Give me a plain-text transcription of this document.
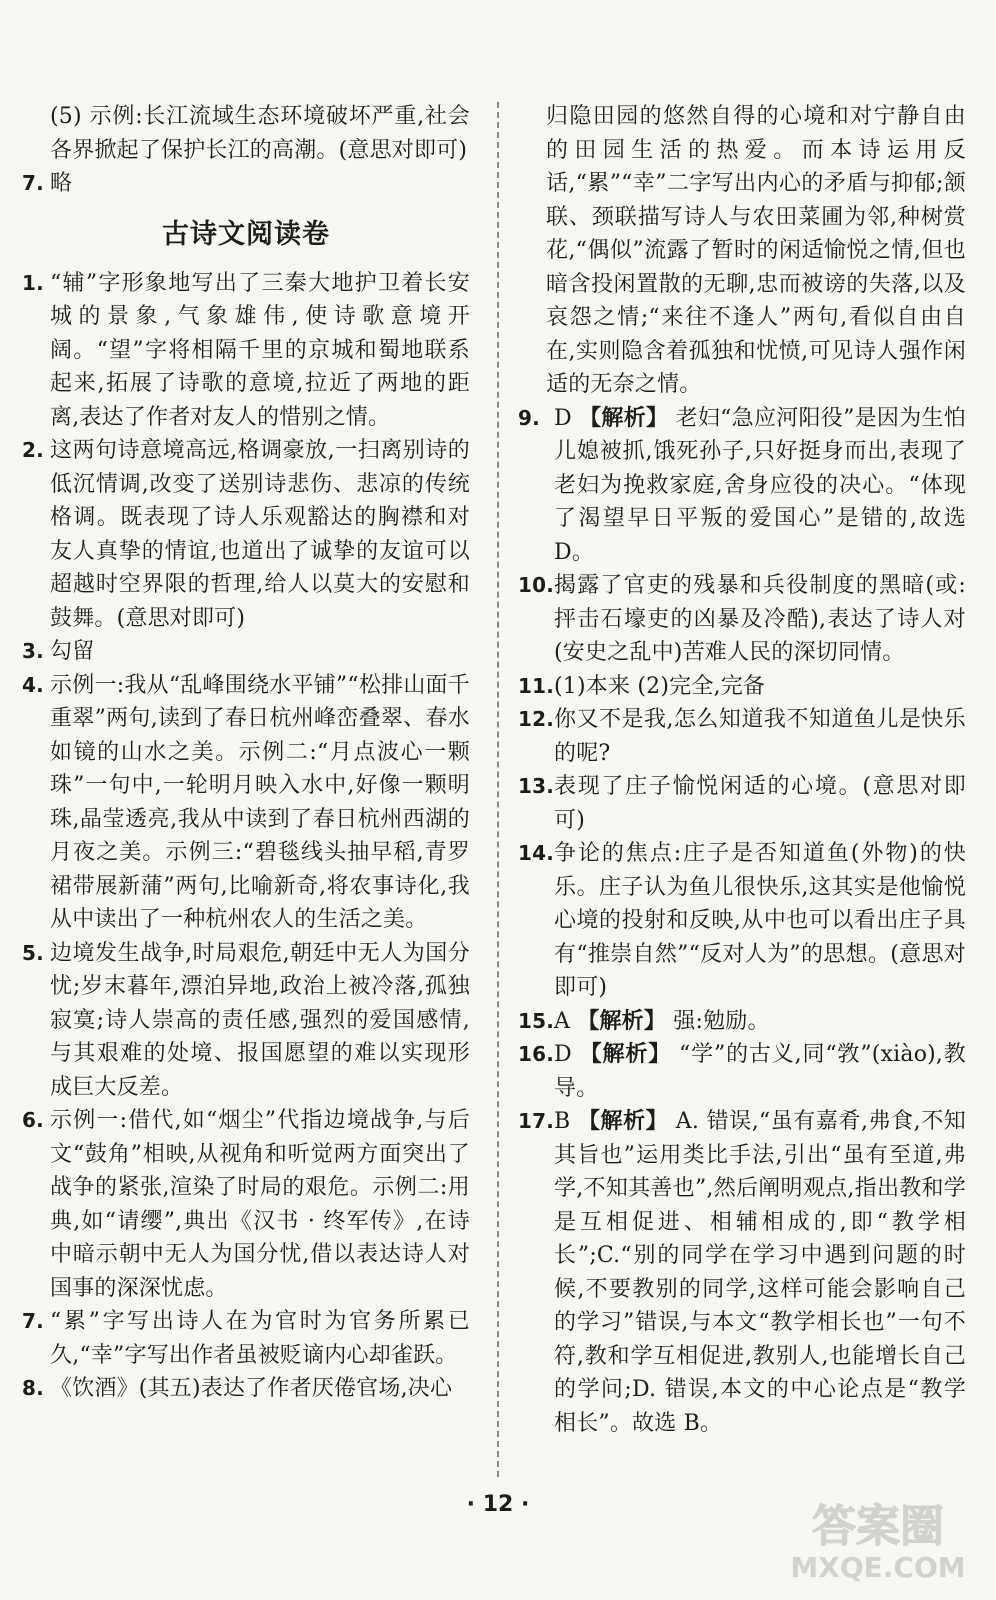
(5) 示例:长江流域生态环境破坏严重,社会各界掀起了保护长江的高潮。(意思对即可)

7. 略
古诗文阅读卷
1. “辅”字形象地写出了三秦大地护卫着长安城的景象,气象雄伟,使诗歌意境开阔。“望”字将相隔千里的京城和蜀地联系起来,拓展了诗歌的意境,拉近了两地的距离,表达了作者对友人的惜别之情。
2. 这两句诗意境高远,格调豪放,一扫离别诗的低沉情调,改变了送别诗悲伤、悲凉的传统格调。既表现了诗人乐观豁达的胸襟和对友人真挚的情谊,也道出了诚挚的友谊可以超越时空界限的哲理,给人以莫大的安慰和鼓舞。(意思对即可)
3. 勾留
4. 示例一:我从“乱峰围绕水平铺”“松排山面千重翠”两句,读到了春日杭州峰峦叠翠、春水如镜的山水之美。示例二:“月点波心一颗珠”一句中,一轮明月映入水中,好像一颗明珠,晶莹透亮,我从中读到了春日杭州西湖的月夜之美。示例三:“碧毯线头抽早稻,青罗裙带展新蒲”两句,比喻新奇,将农事诗化,我从中读出了一种杭州农人的生活之美。
5. 边境发生战争,时局艰危,朝廷中无人为国分忧;岁末暮年,漂泊异地,政治上被冷落,孤独寂寞;诗人崇高的责任感,强烈的爱国感情,与其艰难的处境、报国愿望的难以实现形成巨大反差。
6. 示例一:借代,如“烟尘”代指边境战争,与后文“鼓角”相映,从视角和听觉两方面突出了战争的紧张,渲染了时局的艰危。示例二:用典,如“请缨”,典出《汉书 · 终军传》,在诗中暗示朝中无人为国分忧,借以表达诗人对国事的深深忧虑。
7. “累”字写出诗人在为官时为官务所累已久,“幸”字写出作者虽被贬谪内心却雀跃。
8. 《饮酒》(其五)表达了作者厌倦官场,决心

归隐田园的悠然自得的心境和对宁静自由的田园生活的热爱。而本诗运用反话,“累”“幸”二字写出内心的矛盾与抑郁;颔联、颈联描写诗人与农田菜圃为邻,种树赏花,“偶似”流露了暂时的闲适愉悦之情,但也暗含投闲置散的无聊,忠而被谤的失落,以及哀怨之情;“来往不逢人”两句,看似自由自在,实则隐含着孤独和忧愤,可见诗人强作闲适的无奈之情。

9. D 【解析】 老妇“急应河阳役”是因为生怕儿媳被抓,饿死孙子,只好挺身而出,表现了老妇为挽救家庭,舍身应役的决心。“体现了渴望早日平叛的爱国心”是错的,故选 D。
10. 揭露了官吏的残暴和兵役制度的黑暗(或:抨击石壕吏的凶暴及冷酷),表达了诗人对(安史之乱中)苦难人民的深切同情。
11. (1)本来 (2)完全,完备
12. 你又不是我,怎么知道我不知道鱼儿是快乐的呢?
13. 表现了庄子愉悦闲适的心境。(意思对即可)
14. 争论的焦点:庄子是否知道鱼(外物)的快乐。庄子认为鱼儿很快乐,这其实是他愉悦心境的投射和反映,从中也可以看出庄子具有“推崇自然”“反对人为”的思想。(意思对即可)
15. A 【解析】 强:勉励。
16. D 【解析】 “学”的古义,同“敩”(xiào),教导。
17. B 【解析】 A. 错误,“虽有嘉肴,弗食,不知其旨也”运用类比手法,引出“虽有至道,弗学,不知其善也”,然后阐明观点,指出教和学是互相促进、相辅相成的,即“教学相长”;C.“别的同学在学习中遇到问题的时候,不要教别的同学,这样可能会影响自己的学习”错误,与本文“教学相长也”一句不符,教和学互相促进,教别人,也能增长自己的学问;D. 错误,本文的中心论点是“教学相长”。故选 B。
· 12 ·	答案圈
MXQE.COM
